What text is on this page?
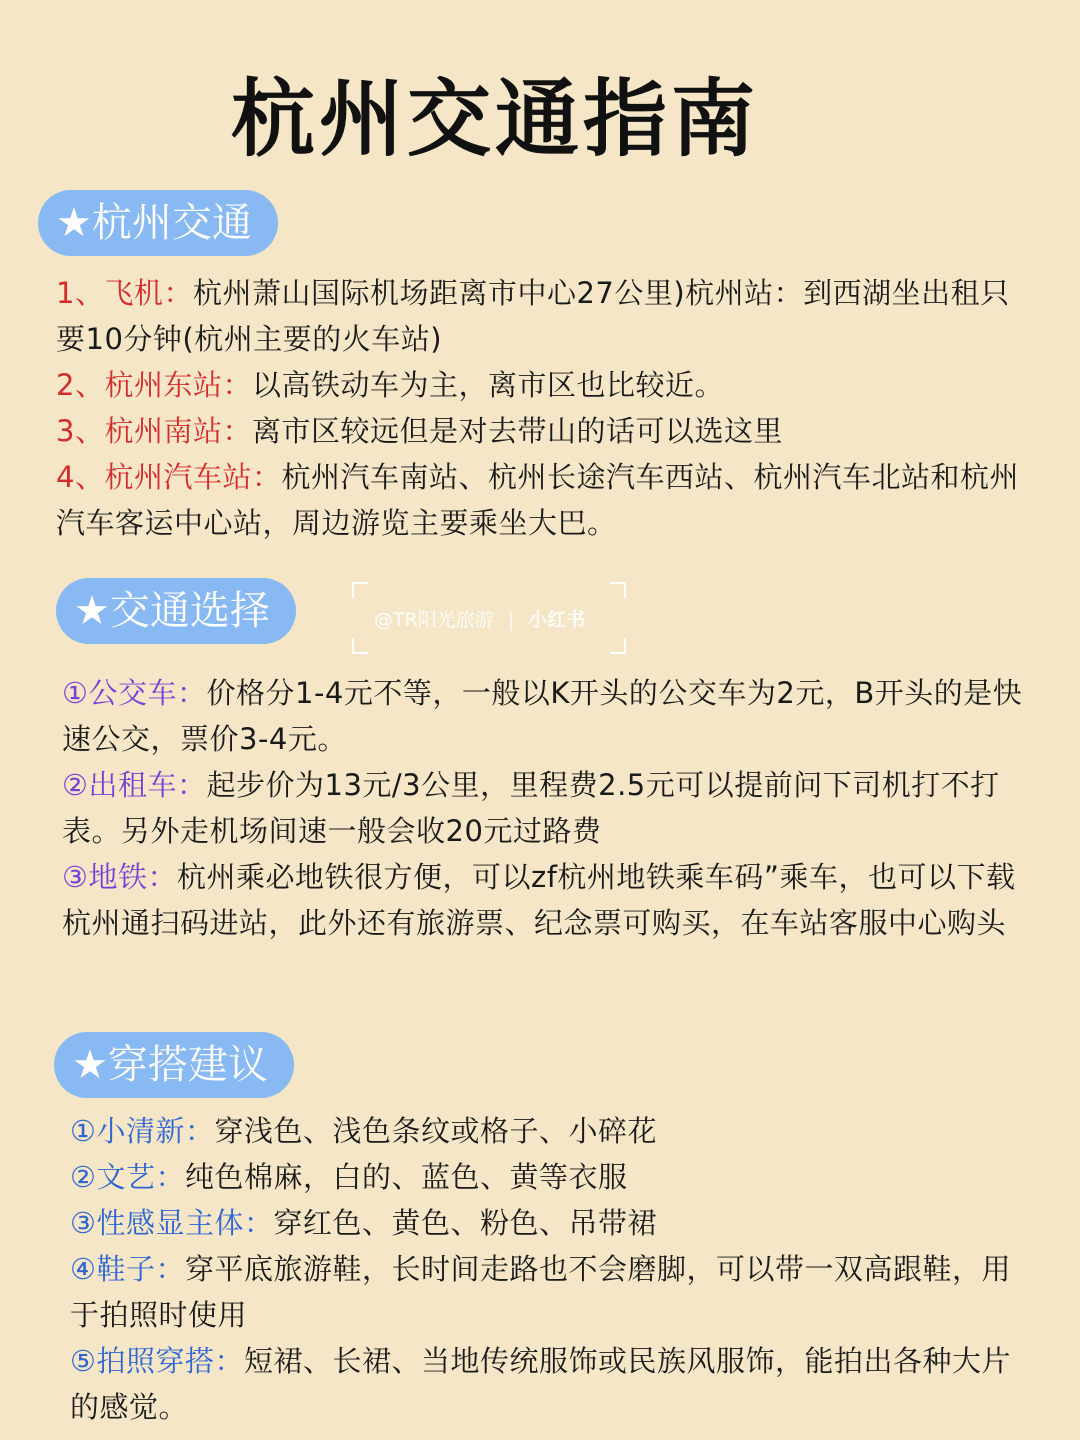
杭州交通指南
★杭州交通

1、飞机：杭州萧山国际机场距离市中心27公里)杭州站：到西湖坐出租只要10分钟(杭州主要的火车站)

2、杭州东站：以高铁动车为主，离市区也比较近。

3、杭州南站：离市区较远但是对去带山的话可以选这里

4、杭州汽车站：杭州汽车南站、杭州长途汽车西站、杭州汽车北站和杭州汽车客运中心站，周边游览主要乘坐大巴。

★交通选择	@TR阳光旅游 | 小红书

①公交车：价格分1-4元不等，一般以K开头的公交车为2元，B开头的是快速公交，票价3-4元。

②出租车：起步价为13元/3公里，里程费2.5元可以提前问下司机打不打表。另外走机场间速一般会收20元过路费

③地铁：杭州乘必地铁很方便，可以zf杭州地铁乘车码”乘车，也可以下载杭州通扫码进站，此外还有旅游票、纪念票可购买，在车站客服中心购头

★穿搭建议

①小清新：穿浅色、浅色条纹或格子、小碎花

②文艺：纯色棉麻，白的、蓝色、黄等衣服

③性感显主体：穿红色、黄色、粉色、吊带裙

④鞋子：穿平底旅游鞋，长时间走路也不会磨脚，可以带一双高跟鞋，用于拍照时使用

⑤拍照穿搭：短裙、长裙、当地传统服饰或民族风服饰，能拍出各种大片的感觉。
